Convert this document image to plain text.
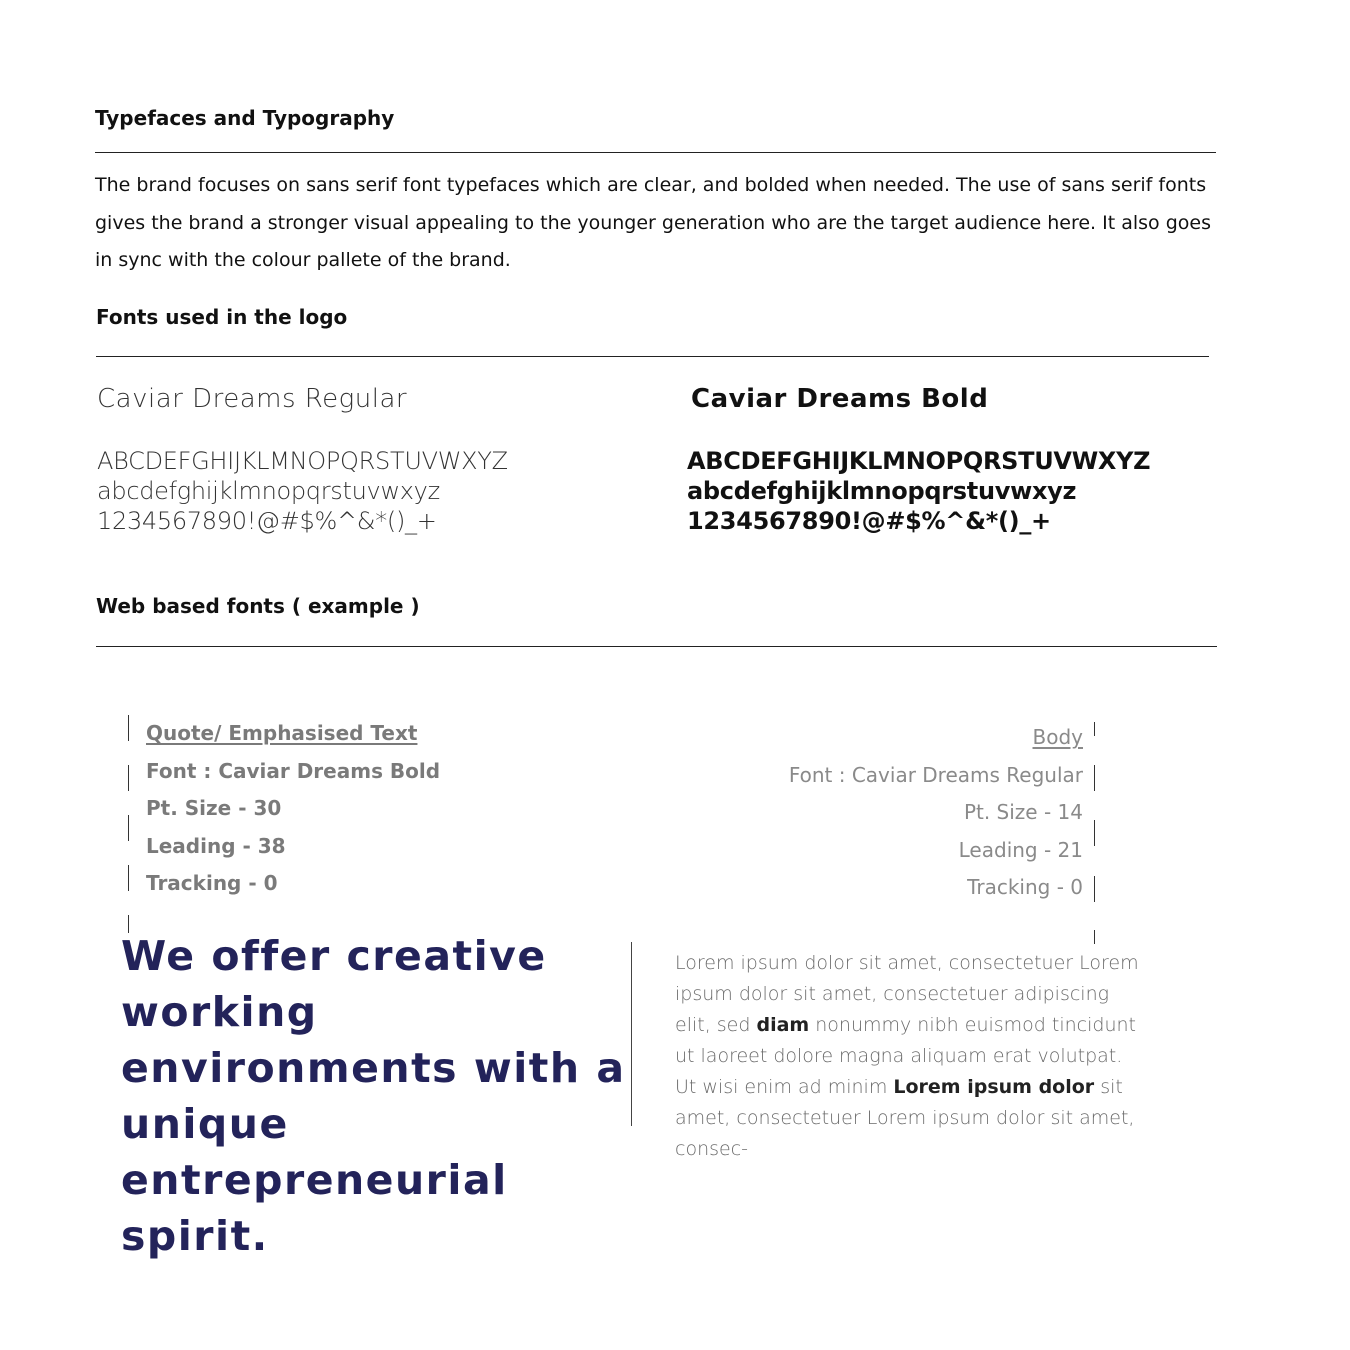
Typefaces and Typography
The brand focuses on sans serif font typefaces which are clear, and bolded when needed. The use of sans serif fonts gives the brand a stronger visual appealing to the younger generation who are the target audience here. It also goes in sync with the colour pallete of the brand.
Fonts used in the logo
Caviar Dreams Regular
ABCDEFGHIJKLMNOPQRSTUVWXYZ
abcdefghijklmnopqrstuvwxyz
1234567890!@#$%^&*()_+
Caviar Dreams Bold
ABCDEFGHIJKLMNOPQRSTUVWXYZ
abcdefghijklmnopqrstuvwxyz
1234567890!@#$%^&*()_+
Web based fonts ( example )
Quote/ Emphasised Text
Font : Caviar Dreams Bold
Pt. Size - 30
Leading - 38
Tracking - 0
Body
Font : Caviar Dreams Regular
Pt. Size - 14
Leading - 21
Tracking - 0
We offer creative working environments with a unique entrepreneurial spirit.
Lorem ipsum dolor sit amet, consectetuer Lorem ipsum dolor sit amet, consectetuer adipiscing elit, sed diam nonummy nibh euismod tincidunt ut laoreet dolore magna aliquam erat volutpat. Ut wisi enim ad minim Lorem ipsum dolor sit amet, consectetuer Lorem ipsum dolor sit amet, consec-
